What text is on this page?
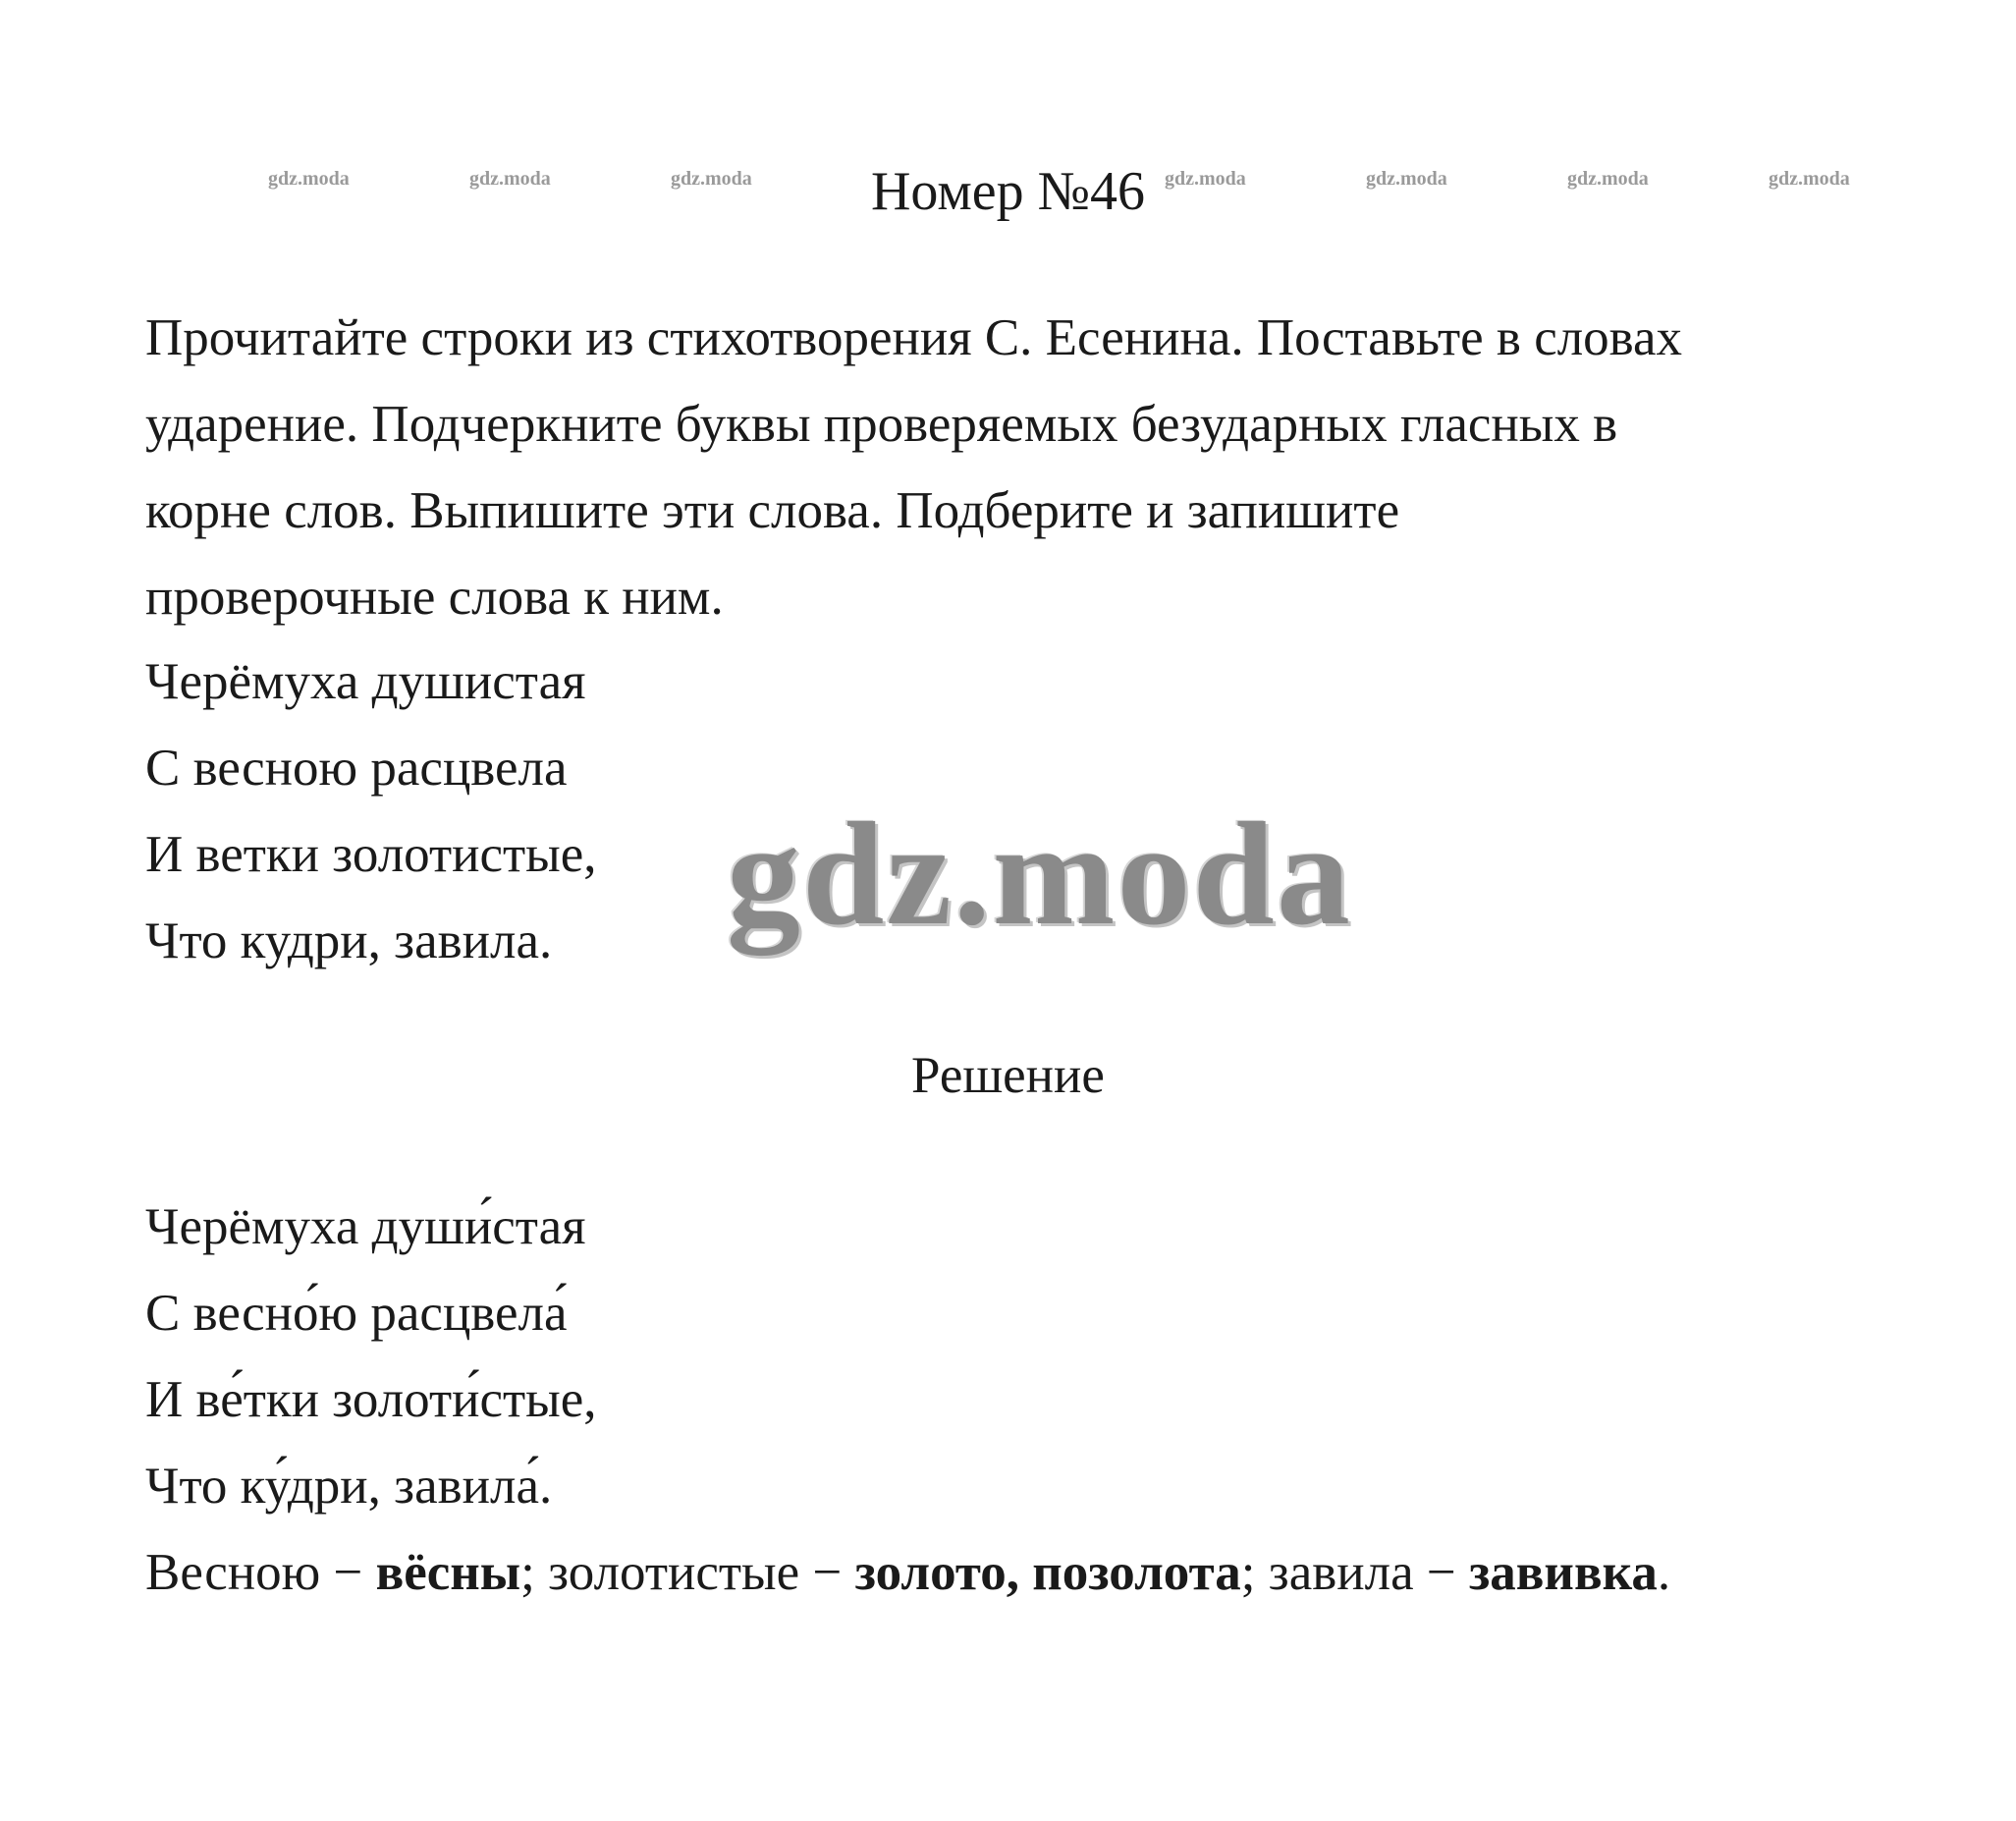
gdz.moda	gdz.moda	gdz.moda	gdz.moda	gdz.moda	gdz.moda	gdz.moda
Номер №46

Прочитайте строки из стихотворения С. Есенина. Поставьте в словах

ударение. Подчеркните буквы проверяемых безударных гласных в

корне слов. Выпишите эти слова. Подберите и запишите

проверочные слова к ним.

Черёмуха душистая

С весною расцвела

И ветки золотистые,

Что кудри, завила.	gdz.moda
Решение

Черёмуха души́стая

С весно́ю расцвела́

И ве́тки золоти́стые,

Что ку́дри, завила́.

Весною − вёсны; золотистые − золото, позолота; завила − завивка.
